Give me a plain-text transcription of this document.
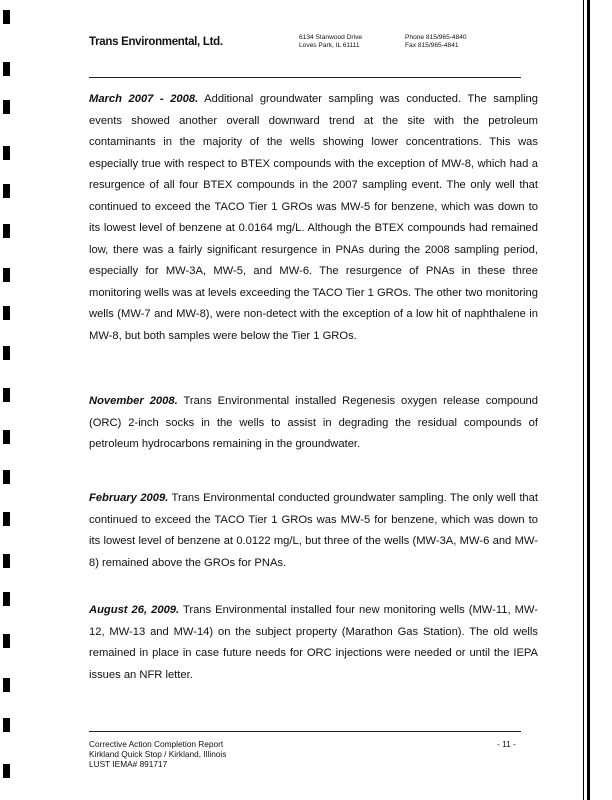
Trans Environmental, Ltd.	6134 Stanwood Drive
Loves Park, IL 61111
Phone 815/965-4840
Fax 815/965-4841
March 2007 - 2008. Additional groundwater sampling was conducted. The sampling events showed another overall downward trend at the site with the petroleum contaminants in the majority of the wells showing lower concentrations. This was especially true with respect to BTEX compounds with the exception of MW-8, which had a resurgence of all four BTEX compounds in the 2007 sampling event. The only well that continued to exceed the TACO Tier 1 GROs was MW-5 for benzene, which was down to its lowest level of benzene at 0.0164 mg/L. Although the BTEX compounds had remained low, there was a fairly significant resurgence in PNAs during the 2008 sampling period, especially for MW-3A, MW-5, and MW-6. The resurgence of PNAs in these three monitoring wells was at levels exceeding the TACO Tier 1 GROs. The other two monitoring wells (MW-7 and MW-8), were non-detect with the exception of a low hit of naphthalene in MW-8, but both samples were below the Tier 1 GROs.
November 2008. Trans Environmental installed Regenesis oxygen release compound (ORC) 2-inch socks in the wells to assist in degrading the residual compounds of petroleum hydrocarbons remaining in the groundwater.
February 2009. Trans Environmental conducted groundwater sampling. The only well that continued to exceed the TACO Tier 1 GROs was MW-5 for benzene, which was down to its lowest level of benzene at 0.0122 mg/L, but three of the wells (MW-3A, MW-6 and MW-8) remained above the GROs for PNAs.
August 26, 2009. Trans Environmental installed four new monitoring wells (MW-11, MW-12, MW-13 and MW-14) on the subject property (Marathon Gas Station). The old wells remained in place in case future needs for ORC injections were needed or until the IEPA issues an NFR letter.
Corrective Action Completion Report
Kirkland Quick Stop / Kirkland, Illinois
LUST IEMA# 891717
- 11 -
